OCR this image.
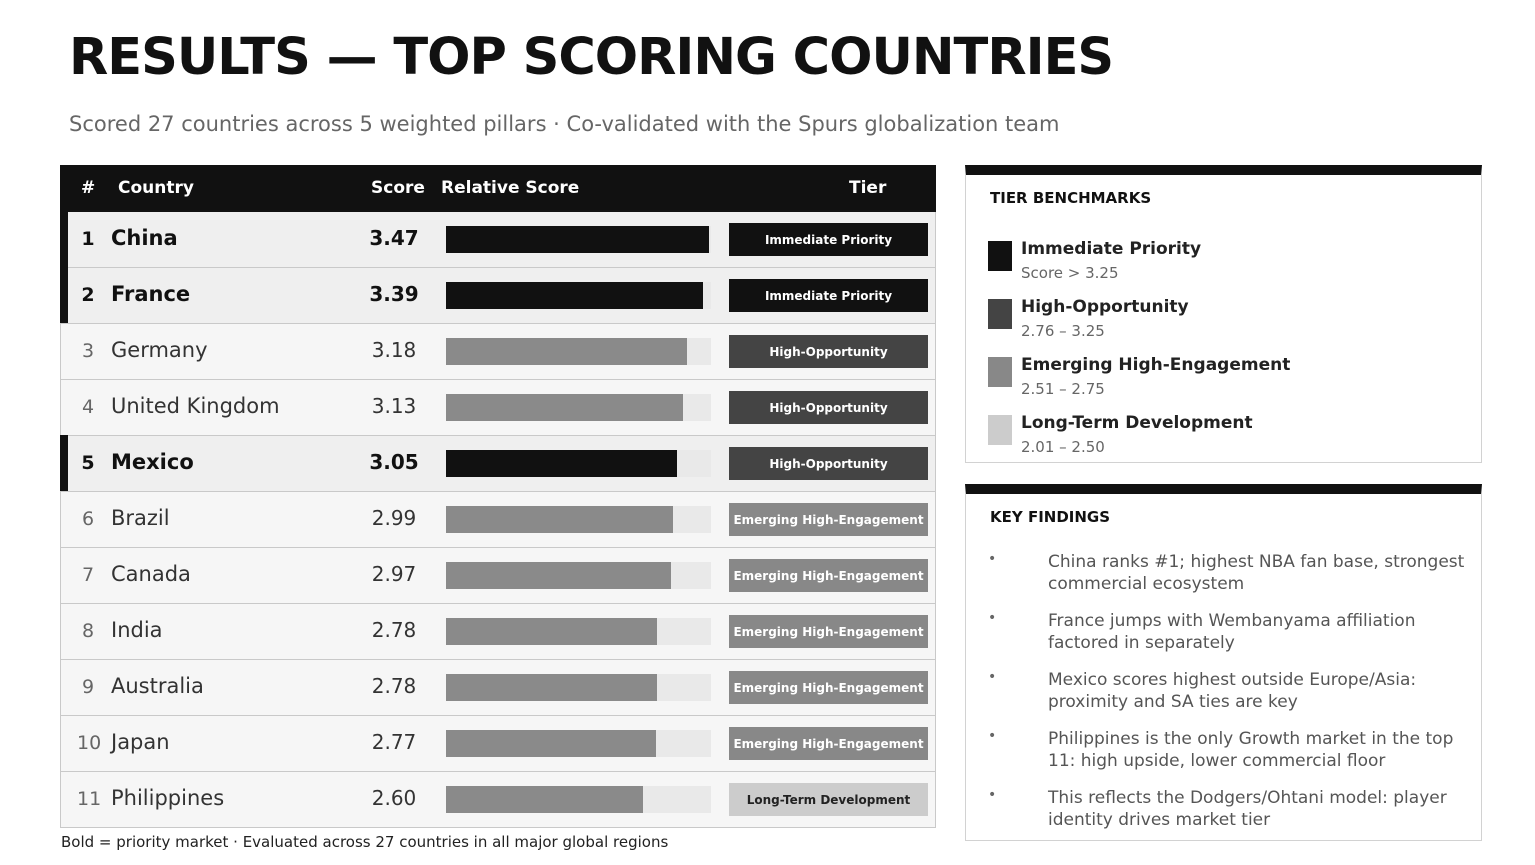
RESULTS — TOP SCORING COUNTRIES
Scored 27 countries across 5 weighted pillars · Co-validated with the Spurs globalization team
# Country	Score Relative Score	Tier
1 China	3.47	Immediate Priority
2 France	3.39	Immediate Priority
3 Germany	3.18	High-Opportunity
4 United Kingdom	3.13	High-Opportunity
5 Mexico	3.05	High-Opportunity
6 Brazil	2.99	Emerging High-Engagement
7 Canada	2.97	Emerging High-Engagement
8 India	2.78	Emerging High-Engagement
9 Australia	2.78	Emerging High-Engagement
10 Japan	2.77	Emerging High-Engagement
11 Philippines	2.60	Long-Term Development
Bold = priority market · Evaluated across 27 countries in all major global regions
TIER BENCHMARKS
Immediate Priority
Score > 3.25
High-Opportunity
2.76 – 3.25
Emerging High-Engagement
2.51 – 2.75
Long-Term Development
2.01 – 2.50
KEY FINDINGS
•	China ranks #1; highest NBA fan base, strongest commercial ecosystem
•	France jumps with Wembanyama affiliation factored in separately
•	Mexico scores highest outside Europe/Asia: proximity and SA ties are key
•	Philippines is the only Growth market in the top 11: high upside, lower commercial floor
•	This reflects the Dodgers/Ohtani model: player identity drives market tier
